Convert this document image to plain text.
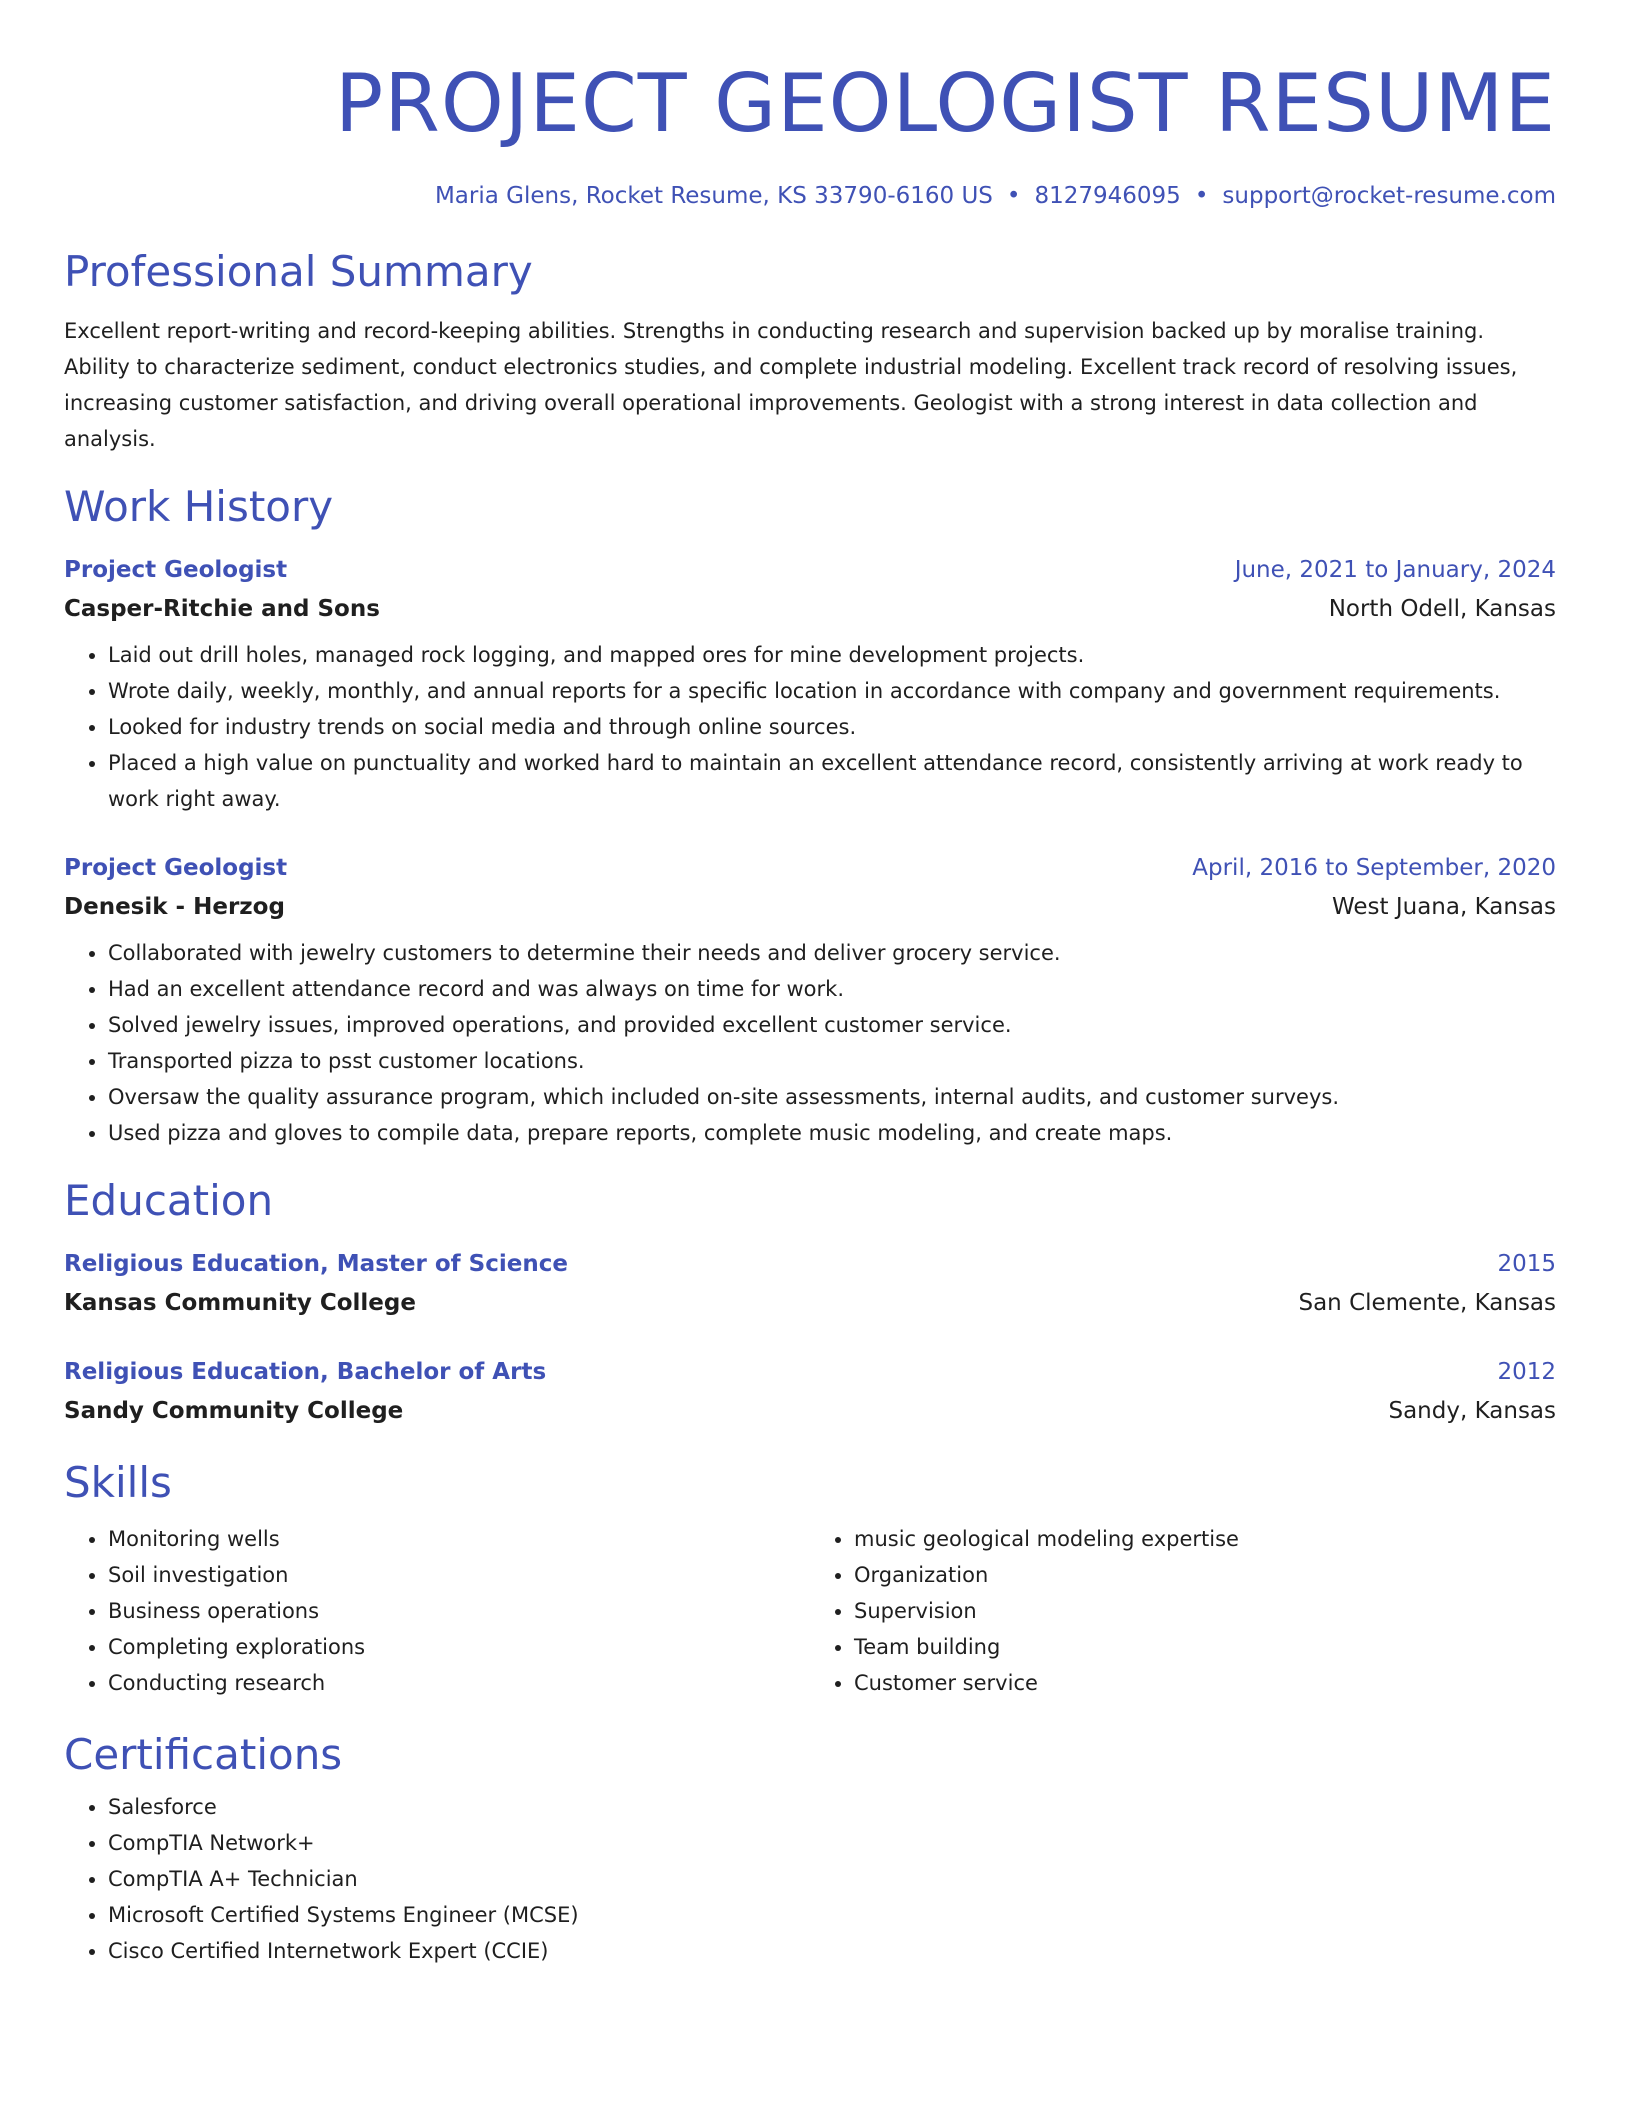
PROJECT GEOLOGIST RESUME
Maria Glens, Rocket Resume, KS 33790-6160 US • 8127946095 • support@rocket-resume.com
Professional Summary
Excellent report-writing and record-keeping abilities. Strengths in conducting research and supervision backed up by moralise training. Ability to characterize sediment, conduct electronics studies, and complete industrial modeling. Excellent track record of resolving issues, increasing customer satisfaction, and driving overall operational improvements. Geologist with a strong interest in data collection and analysis.
Work History
Project Geologist	June, 2021 to January, 2024
Casper-Ritchie and Sons	North Odell, Kansas
• Laid out drill holes, managed rock logging, and mapped ores for mine development projects.
• Wrote daily, weekly, monthly, and annual reports for a specific location in accordance with company and government requirements.
• Looked for industry trends on social media and through online sources.
• Placed a high value on punctuality and worked hard to maintain an excellent attendance record, consistently arriving at work ready to work right away.
Project Geologist	April, 2016 to September, 2020
Denesik - Herzog	West Juana, Kansas
• Collaborated with jewelry customers to determine their needs and deliver grocery service.
• Had an excellent attendance record and was always on time for work.
• Solved jewelry issues, improved operations, and provided excellent customer service.
• Transported pizza to psst customer locations.
• Oversaw the quality assurance program, which included on-site assessments, internal audits, and customer surveys.
• Used pizza and gloves to compile data, prepare reports, complete music modeling, and create maps.
Education
Religious Education, Master of Science	2015
Kansas Community College	San Clemente, Kansas
Religious Education, Bachelor of Arts	2012
Sandy Community College	Sandy, Kansas
Skills
• Monitoring wells
• Soil investigation
• Business operations
• Completing explorations
• Conducting research
• music geological modeling expertise
• Organization
• Supervision
• Team building
• Customer service
Certifications
• Salesforce
• CompTIA Network+
• CompTIA A+ Technician
• Microsoft Certified Systems Engineer (MCSE)
• Cisco Certified Internetwork Expert (CCIE)
